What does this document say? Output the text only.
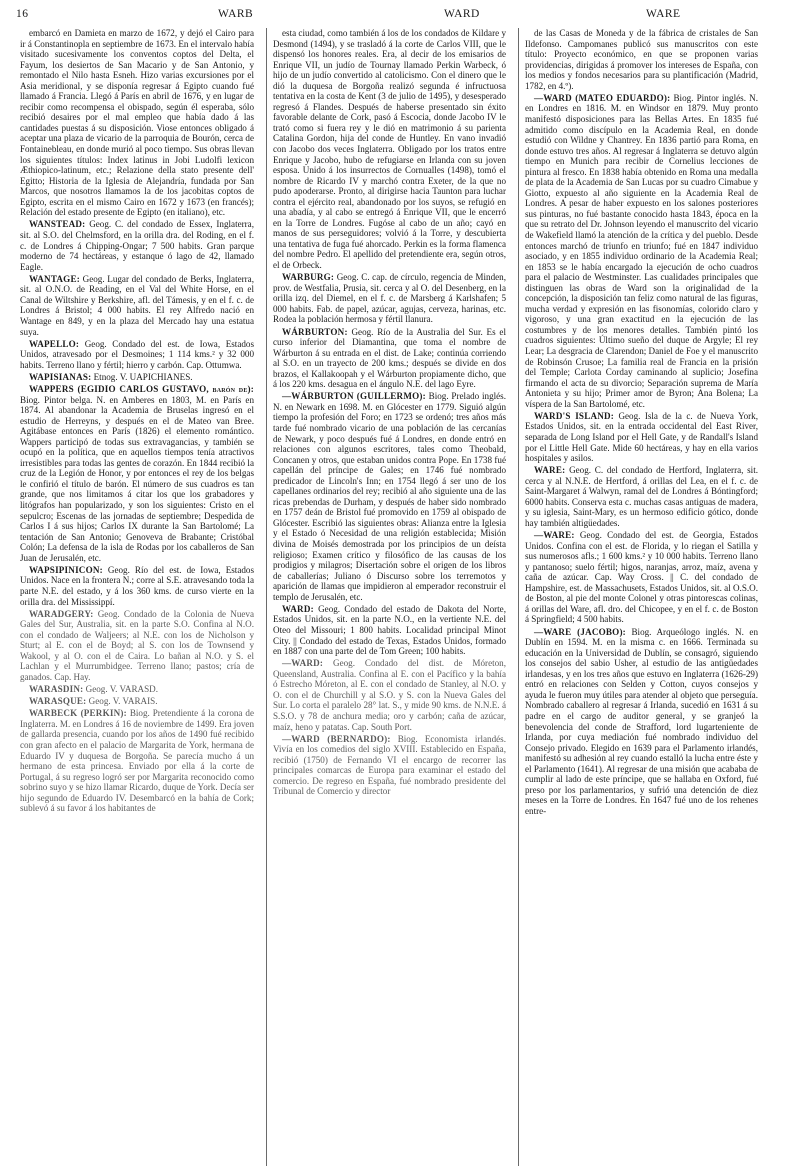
16	WARB	WARD	WARE

embarcó en Damieta en marzo de 1672, y dejó el Cairo para ir á Constantinopla en septiembre de 1673. En el intervalo había visitado sucesivamente los conventos coptos del Delta, el Fayum, los desiertos de San Macario y de San Antonio, y remontado el Nilo hasta Esneh. Hizo varias excursiones por el Asia meridional, y se disponía regresar á Egipto cuando fué llamado á Francia. Llegó á París en abril de 1676, y en lugar de recibir como recompensa el obispado, según él esperaba, sólo recibió desaires por el mal empleo que había dado á las cantidades puestas á su disposición. Viose entonces obligado á aceptar una plaza de vicario de la parroquia de Bourón, cerca de Fontainebleau, en donde murió al poco tiempo. Sus obras llevan los siguientes títulos: Index latinus in Jobi Ludolfi lexicon Æthiopico-latinum, etc.; Relazione della stato presente dell' Egitto; Historia de la Iglesia de Alejandría, fundada por San Marcos, que nosotros llamamos la de los jacobitas coptos de Egipto, escrita en el mismo Cairo en 1672 y 1673 (en francés); Relación del estado presente de Egipto (en italiano), etc.

WANSTEAD: Geog. C. del condado de Essex, Inglaterra, sit. al S.O. del Chelmsford, en la orilla dra. del Roding, en el f. c. de Londres á Chipping-Ongar; 7 500 habits. Gran parque moderno de 74 hectáreas, y estanque ó lago de 42, llamado Eagle.

WANTAGE: Geog. Lugar del condado de Berks, Inglaterra, sit. al O.N.O. de Reading, en el Val del White Horse, en el Canal de Wiltshire y Berkshire, afl. del Támesis, y en el f. c. de Londres á Bristol; 4 000 habits. El rey Alfredo nació en Wantage en 849, y en la plaza del Mercado hay una estatua suya.

WAPELLO: Geog. Condado del est. de Iowa, Estados Unidos, atravesado por el Desmoines; 1 114 kms.² y 32 000 habits. Terreno llano y fértil; hierro y carbón. Cap. Ottumwa.

WAPISIANAS: Etnog. V. UAPICHIANES.

WAPPERS (EGIDIO CARLOS GUSTAVO, barón de): Biog. Pintor belga. N. en Amberes en 1803, M. en París en 1874. Al abandonar la Academia de Bruselas ingresó en el estudio de Herreyns, y después en el de Mateo van Bree. Agitábase entonces en París (1826) el elemento romántico. Wappers participó de todas sus extravagancias, y también se ocupó en la política, que en aquellos tiempos tenía atractivos irresistibles para todas las gentes de corazón. En 1844 recibió la cruz de la Legión de Honor, y por entonces el rey de los belgas le confirió el título de barón. El número de sus cuadros es tan grande, que nos limitamos á citar los que los grabadores y litógrafos han popularizado, y son los siguientes: Cristo en el sepulcro; Escenas de las jornadas de septiembre; Despedida de Carlos I á sus hijos; Carlos IX durante la San Bartolomé; La tentación de San Antonio; Genoveva de Brabante; Cristóbal Colón; La defensa de la isla de Rodas por los caballeros de San Juan de Jerusalén, etc.

WAPSIPINICON: Geog. Río del est. de Iowa, Estados Unidos. Nace en la frontera N.; corre al S.E. atravesando toda la parte N.E. del estado, y á los 360 kms. de curso vierte en la orilla dra. del Mississippí.

WARADGERY: Geog. Condado de la Colonia de Nueva Gales del Sur, Australia, sit. en la parte S.O. Confina al N.O. con el condado de Waljeers; al N.E. con los de Nicholson y Sturt; al E. con el de Boyd; al S. con los de Townsend y Wakool, y al O. con el de Caira. Lo bañan al N.O. y S. el Lachlan y el Murrumbidgee. Terreno llano; pastos; cría de ganados. Cap. Hay.

WARASDIN: Geog. V. VARASD.

WARASQUE: Geog. V. VARAIS.

WARBECK (PERKIN): Biog. Pretendiente á la corona de Inglaterra. M. en Londres á 16 de noviembre de 1499. Era joven de gallarda presencia, cuando por los años de 1490 fué recibido con gran afecto en el palacio de Margarita de York, hermana de Eduardo IV y duquesa de Borgoña. Se parecía mucho á un hermano de esta princesa. Enviado por ella á la corte de Portugal, á su regreso logró ser por Margarita reconocido como sobrino suyo y se hizo llamar Ricardo, duque de York. Decía ser hijo segundo de Eduardo IV. Desembarcó en la bahía de Cork; sublevó á su favor á los habitantes de

esta ciudad, como también á los de los condados de Kildare y Desmond (1494), y se trasladó á la corte de Carlos VIII, que le dispensó los honores reales. Era, al decir de los emisarios de Enrique VII, un judío de Tournay llamado Perkin Warbeck, ó hijo de un judío convertido al catolicismo. Con el dinero que le dió la duquesa de Borgoña realizó segunda é infructuosa tentativa en la costa de Kent (3 de julio de 1495), y desesperado regresó á Flandes. Después de haberse presentado sin éxito favorable delante de Cork, pasó á Escocia, donde Jacobo IV le trató como si fuera rey y le dió en matrimonio á su parienta Catalina Gordon, hija del conde de Huntley. En vano invadió con Jacobo dos veces Inglaterra. Obligado por los tratos entre Enrique y Jacobo, hubo de refugiarse en Irlanda con su joven esposa. Unido á los insurrectos de Cornualles (1498), tomó el nombre de Ricardo IV y marchó contra Exeter, de la que no pudo apoderarse. Pronto, al dirigirse hacia Taunton para luchar contra el ejército real, abandonado por los suyos, se refugió en una abadía, y al cabo se entregó á Enrique VII, que le encerró en la Torre de Londres. Fugóse al cabo de un año; cayó en manos de sus perseguidores; volvió á la Torre, y descubierta una tentativa de fuga fué ahorcado. Perkin es la forma flamenca del nombre Pedro. El apellido del pretendiente era, según otros, el de Orbeck.

WARBURG: Geog. C. cap. de círculo, regencia de Minden, prov. de Westfalia, Prusia, sit. cerca y al O. del Desenberg, en la orilla izq. del Diemel, en el f. c. de Marsberg á Karlshafen; 5 000 habits. Fab. de papel, azúcar, agujas, cerveza, harinas, etc. Rodea la población hermosa y fértil llanura.

WÁRBURTON: Geog. Río de la Australia del Sur. Es el curso inferior del Diamantina, que toma el nombre de Wárburton á su entrada en el dist. de Lake; continúa corriendo al S.O. en un trayecto de 200 kms.; después se divide en dos brazos, el Kallakoopah y el Wárburton propiamente dicho, que á los 220 kms. desagua en el ángulo N.E. del lago Eyre.

—WÁRBURTON (GUILLERMO): Biog. Prelado inglés. N. en Newark en 1698. M. en Glócester en 1779. Siguió algún tiempo la profesión del Foro; en 1723 se ordenó; tres años más tarde fué nombrado vicario de una población de las cercanías de Newark, y poco después fué á Londres, en donde entró en relaciones con algunos escritores, tales como Theobald, Concanen y otros, que estaban unidos contra Pope. En 1738 fué capellán del príncipe de Gales; en 1746 fué nombrado predicador de Lincoln's Inn; en 1754 llegó á ser uno de los capellanes ordinarios del rey; recibió al año siguiente una de las ricas prebendas de Durham, y después de haber sido nombrado en 1757 deán de Bristol fué promovido en 1759 al obispado de Glócester. Escribió las siguientes obras: Alianza entre la Iglesia y el Estado ó Necesidad de una religión establecida; Misión divina de Moisés demostrada por los principios de un deísta religioso; Examen crítico y filosófico de las causas de los prodigios y milagros; Disertación sobre el origen de los libros de caballerías; Juliano ó Discurso sobre los terremotos y aparición de llamas que impidieron al emperador reconstruir el templo de Jerusalén, etc.

WARD: Geog. Condado del estado de Dakota del Norte, Estados Unidos, sit. en la parte N.O., en la vertiente N.E. del Oteo del Missouri; 1 800 habits. Localidad principal Minot City. || Condado del estado de Texas, Estados Unidos, formado en 1887 con una parte del de Tom Green; 100 habits.

—WARD: Geog. Condado del dist. de Móreton, Queensland, Australia. Confina al E. con el Pacífico y la bahía ó Estrecho Móreton, al E. con el condado de Stanley, al N.O. y O. con el de Churchill y al S.O. y S. con la Nueva Gales del Sur. Lo corta el paralelo 28° lat. S., y mide 90 kms. de N.N.E. á S.S.O. y 78 de anchura media; oro y carbón; caña de azúcar, maíz, heno y patatas. Cap. South Port.

—WARD (BERNARDO): Biog. Economista irlandés. Vivía en los comedios del siglo XVIII. Establecido en España, recibió (1750) de Fernando VI el encargo de recorrer las principales comarcas de Europa para examinar el estado del comercio. De regreso en España, fué nombrado presidente del Tribunal de Comercio y director

de las Casas de Moneda y de la fábrica de cristales de San Ildefonso. Campomanes publicó sus manuscritos con este título: Proyecto económico, en que se proponen varias providencias, dirigidas á promover los intereses de España, con los medios y fondos necesarios para su plantificación (Madrid, 1782, en 4.º).

—WARD (MATEO EDUARDO): Biog. Pintor inglés. N. en Londres en 1816. M. en Windsor en 1879. Muy pronto manifestó disposiciones para las Bellas Artes. En 1835 fué admitido como discípulo en la Academia Real, en donde estudió con Wildne y Chantrey. En 1836 partió para Roma, en donde estuvo tres años. Al regresar á Inglaterra se detuvo algún tiempo en Munich para recibir de Cornelius lecciones de pintura al fresco. En 1838 había obtenido en Roma una medalla de plata de la Academia de San Lucas por su cuadro Cimabue y Giotto, expuesto al año siguiente en la Academia Real de Londres. A pesar de haber expuesto en los salones posteriores sus pinturas, no fué bastante conocido hasta 1843, época en la que su retrato del Dr. Johnson leyendo el manuscrito del vicario de Wakefield llamó la atención de la crítica y del pueblo. Desde entonces marchó de triunfo en triunfo; fué en 1847 individuo asociado, y en 1855 individuo ordinario de la Academia Real; en 1853 se le había encargado la ejecución de ocho cuadros para el palacio de Westminster. Las cualidades principales que distinguen las obras de Ward son la originalidad de la concepción, la disposición tan feliz como natural de las figuras, mucha verdad y expresión en las fisonomías, colorido claro y vigoroso, y una gran exactitud en la ejecución de las costumbres y de los menores detalles. También pintó los cuadros siguientes: Último sueño del duque de Argyle; El rey Lear; La desgracia de Clarendon; Daniel de Foe y el manuscrito de Robinsón Crusoe; La familia real de Francia en la prisión del Temple; Carlota Corday caminando al suplicio; Josefina firmando el acta de su divorcio; Separación suprema de María Antonieta y su hijo; Primer amor de Byron; Ana Bolena; La víspera de la San Bartolomé, etc.

WARD'S ISLAND: Geog. Isla de la c. de Nueva York, Estados Unidos, sit. en la entrada occidental del East River, separada de Long Island por el Hell Gate, y de Randall's Island por el Little Hell Gate. Mide 60 hectáreas, y hay en ella varios hospitales y asilos.

WARE: Geog. C. del condado de Hertford, Inglaterra, sit. cerca y al N.N.E. de Hertford, á orillas del Lea, en el f. c. de Saint-Margaret á Walwyn, ramal del de Londres á Bóntingford; 6000 habits. Conserva esta c. muchas casas antiguas de madera, y su iglesia, Saint-Mary, es un hermoso edificio gótico, donde hay también altigüedades.

—WARE: Geog. Condado del est. de Georgia, Estados Unidos. Confina con el est. de Florida, y lo riegan el Satilla y sus numerosos afls.; 1 600 kms.² y 10 000 habits. Terreno llano y pantanoso; suelo fértil; higos, naranjas, arroz, maíz, avena y caña de azúcar. Cap. Way Cross. || C. del condado de Hampshire, est. de Massachusets, Estados Unidos, sit. al O.S.O. de Boston, al pie del monte Colonel y otras pintorescas colinas, á orillas del Ware, afl. dro. del Chicopee, y en el f. c. de Boston á Springfield; 4 500 habits.

—WARE (JACOBO): Biog. Arqueólogo inglés. N. en Dublín en 1594. M. en la misma c. en 1666. Terminada su educación en la Universidad de Dublín, se consagró, siguiendo los consejos del sabio Usher, al estudio de las antigüedades irlandesas, y en los tres años que estuvo en Inglaterra (1626-29) entró en relaciones con Selden y Cotton, cuyos consejos y ayuda le fueron muy útiles para atender al objeto que perseguía. Nombrado caballero al regresar á Irlanda, sucedió en 1631 á su padre en el cargo de auditor general, y se granjeó la benevolencia del conde de Strafford, lord lugarteniente de Irlanda, por cuya mediación fué nombrado individuo del Consejo privado. Elegido en 1639 para el Parlamento irlandés, manifestó su adhesión al rey cuando estalló la lucha entre éste y el Parlamento (1641). Al regresar de una misión que acababa de cumplir al lado de este príncipe, que se hallaba en Oxford, fué preso por los parlamentarios, y sufrió una detención de diez meses en la Torre de Londres. En 1647 fué uno de los rehenes entre-
